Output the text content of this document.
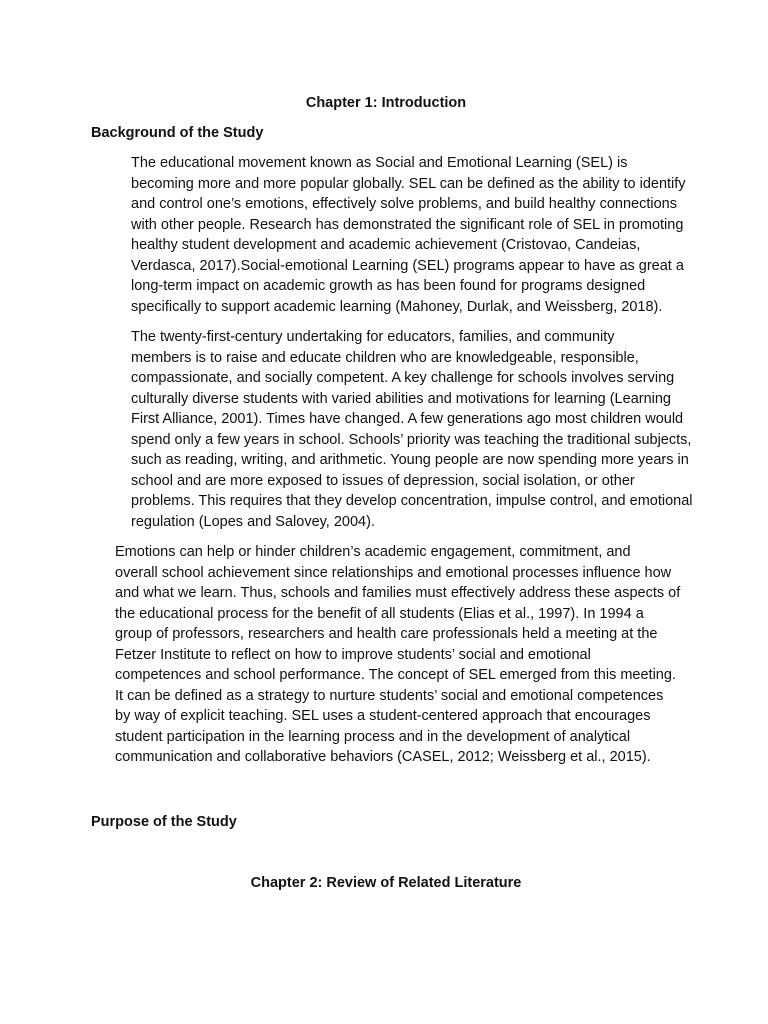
Chapter 1: Introduction
Background of the Study

The educational movement known as Social and Emotional Learning (SEL) is
becoming more and more popular globally. SEL can be defined as the ability to identify
and control one’s emotions, effectively solve problems, and build healthy connections
with other people. Research has demonstrated the significant role of SEL in promoting
healthy student development and academic achievement (Cristovao, Candeias,
Verdasca, 2017).Social-emotional Learning (SEL) programs appear to have as great a
long-term impact on academic growth as has been found for programs designed
specifically to support academic learning (Mahoney, Durlak, and Weissberg, 2018).

The twenty-first-century undertaking for educators, families, and community
members is to raise and educate children who are knowledgeable, responsible,
compassionate, and socially competent. A key challenge for schools involves serving
culturally diverse students with varied abilities and motivations for learning (Learning
First Alliance, 2001). Times have changed. A few generations ago most children would
spend only a few years in school. Schools’ priority was teaching the traditional subjects,
such as reading, writing, and arithmetic. Young people are now spending more years in
school and are more exposed to issues of depression, social isolation, or other
problems. This requires that they develop concentration, impulse control, and emotional
regulation (Lopes and Salovey, 2004).

Emotions can help or hinder children’s academic engagement, commitment, and
overall school achievement since relationships and emotional processes influence how
and what we learn. Thus, schools and families must effectively address these aspects of
the educational process for the benefit of all students (Elias et al., 1997). In 1994 a
group of professors, researchers and health care professionals held a meeting at the
Fetzer Institute to reflect on how to improve students’ social and emotional
competences and school performance. The concept of SEL emerged from this meeting.
It can be defined as a strategy to nurture students’ social and emotional competences
by way of explicit teaching. SEL uses a student-centered approach that encourages
student participation in the learning process and in the development of analytical
communication and collaborative behaviors (CASEL, 2012; Weissberg et al., 2015).

Purpose of the Study
Chapter 2: Review of Related Literature
